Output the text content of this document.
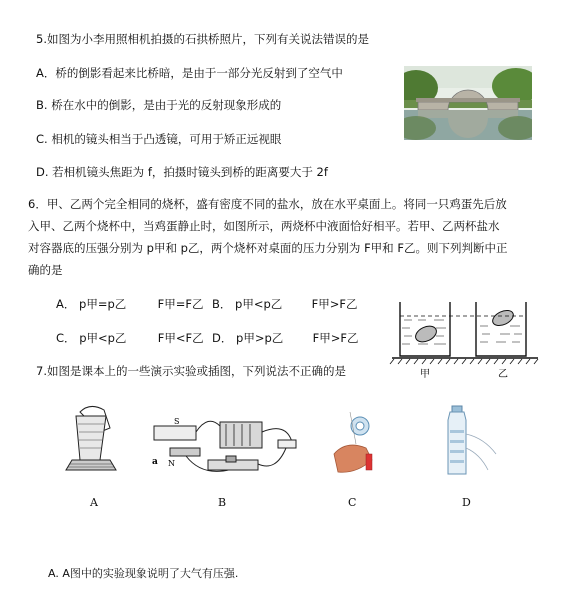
5.如图为小李用照相机拍摄的石拱桥照片，下列有关说法错误的是
A．桥的倒影看起来比桥暗，是由于一部分光反射到了空气中
B. 桥在水中的倒影，是由于光的反射现象形成的
C. 相机的镜头相当于凸透镜，可用于矫正远视眼
D. 若相机镜头焦距为 f，拍摄时镜头到桥的距离要大于 2f
6．甲、乙两个完全相同的烧杯，盛有密度不同的盐水，放在水平桌面上。将同一只鸡蛋先后放
入甲、乙两个烧杯中，当鸡蛋静止时，如图所示，两烧杯中液面恰好相平。若甲、乙两杯盐水
对容器底的压强分别为 p甲和 p乙，两个烧杯对桌面的压力分别为 F甲和 F乙。则下列判断中正
确的是
A． p甲=p乙	F甲=F乙 B． p甲<p乙	F甲>F乙
C． p甲<p乙	F甲<F乙 D． p甲>p乙	F甲>F乙
甲	乙
7.如图是课本上的一些演示实验或插图，下列说法不正确的是
A
S
a N
B	C	D
A. A图中的实验现象说明了大气有压强.
